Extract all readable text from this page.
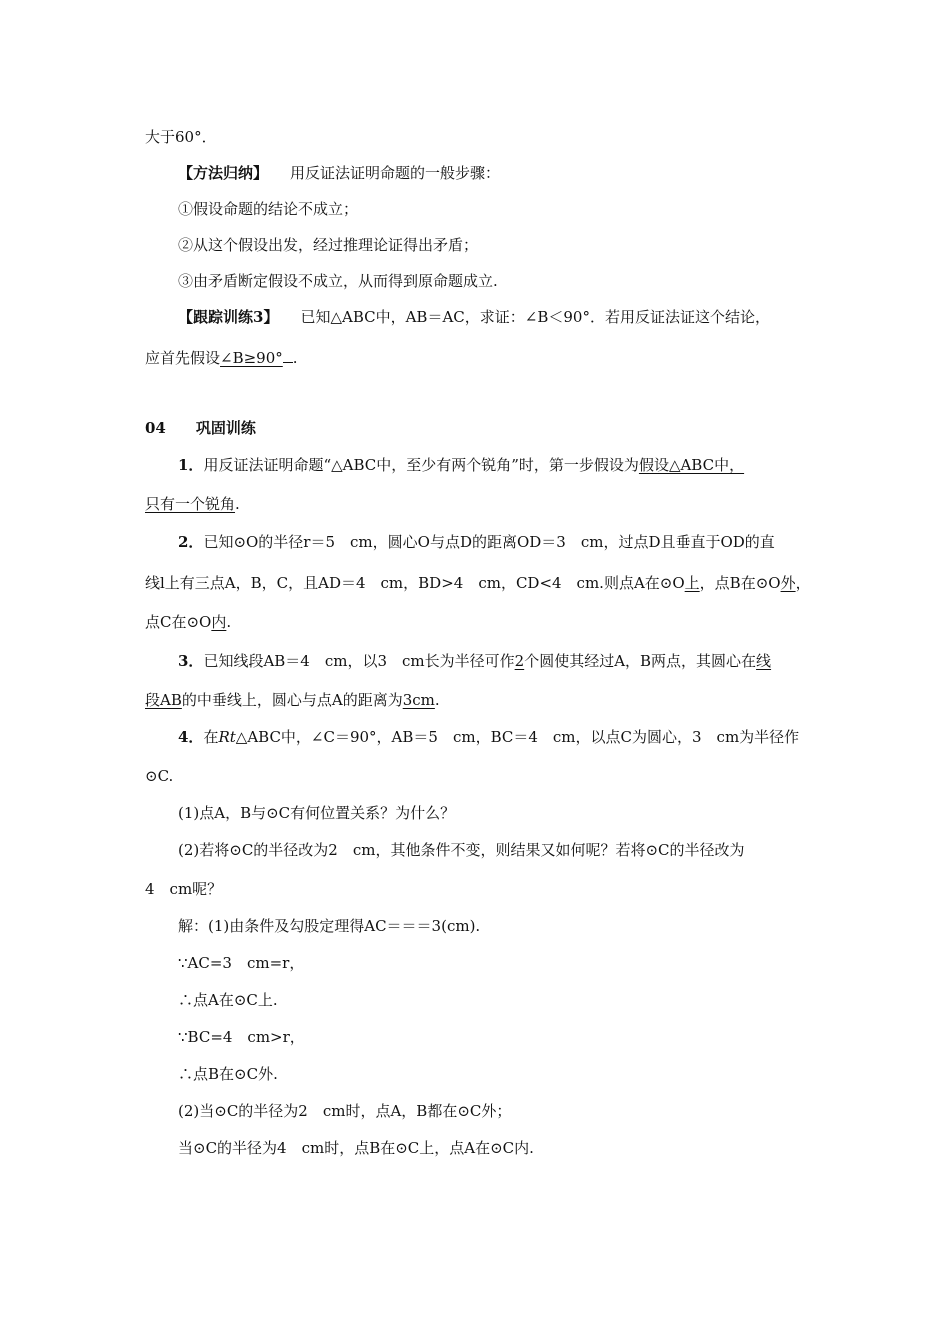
大于60°．
【方法归纳】 用反证法证明命题的一般步骤：
①假设命题的结论不成立；
②从这个假设出发，经过推理论证得出矛盾；
③由矛盾断定假设不成立，从而得到原命题成立.
【跟踪训练3】 已知△ABC中，AB＝AC，求证：∠B＜90°．若用反证法证这个结论，
应首先假设∠B≥90° .
04 巩固训练
1．用反证法证明命题“△ABC中，至少有两个锐角”时，第一步假设为假设△ABC中，
只有一个锐角.
2．已知⊙O的半径r＝5　cm，圆心O与点D的距离OD＝3　cm，过点D且垂直于OD的直
线l上有三点A，B，C，且AD＝4　cm，BD>4　cm，CD<4　cm.则点A在⊙O上，点B在⊙O外，
点C在⊙O内.
3．已知线段AB＝4　cm，以3　cm长为半径可作2个圆使其经过A，B两点，其圆心在线
段AB的中垂线上，圆心与点A的距离为3cm.
4．在Rt△ABC中，∠C＝90°，AB＝5　cm，BC＝4　cm，以点C为圆心，3　cm为半径作
⊙C.
(1)点A，B与⊙C有何位置关系？为什么？
(2)若将⊙C的半径改为2　cm，其他条件不变，则结果又如何呢？若将⊙C的半径改为
4　cm呢？
解：(1)由条件及勾股定理得AC＝＝＝3(cm).
∵AC=3　cm=r，
∴点A在⊙C上.
∵BC=4　cm>r，
∴点B在⊙C外.
(2)当⊙C的半径为2　cm时，点A，B都在⊙C外；
当⊙C的半径为4　cm时，点B在⊙C上，点A在⊙C内.
